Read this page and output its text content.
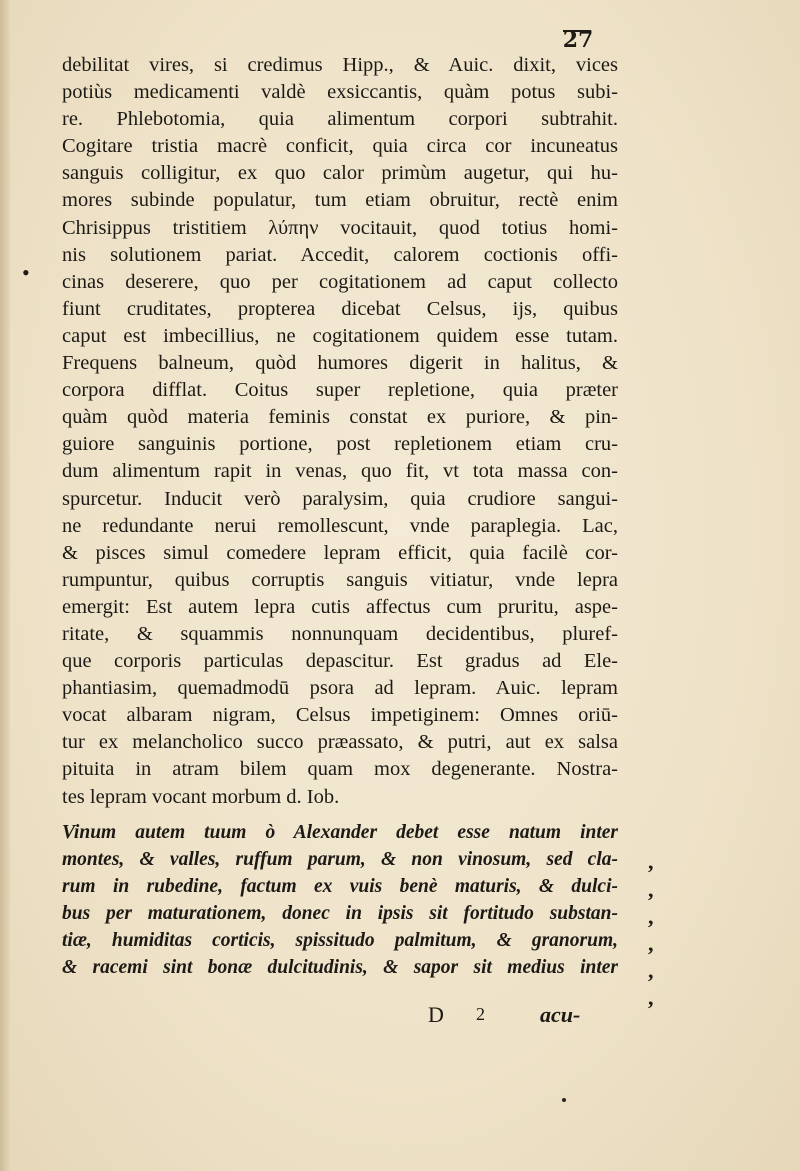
27
•
debilitat vires, si credimus Hipp., & Auic. dixit, vices
potiùs medicamenti valdè exsiccantis, quàm potus subi-
re. Phlebotomia, quia alimentum corpori subtrahit.
Cogitare tristia macrè conficit, quia circa cor incuneatus
sanguis colligitur, ex quo calor primùm augetur, qui hu-
mores subinde populatur, tum etiam obruitur, rectè enim
Chrisippus tristitiem λύπην vocitauit, quod totius homi-
nis solutionem pariat. Accedit, calorem coctionis offi-
cinas deserere, quo per cogitationem ad caput collecto
fiunt cruditates, propterea dicebat Celsus, ijs, quibus
caput est imbecillius, ne cogitationem quidem esse tutam.
Frequens balneum, quòd humores digerit in halitus, &
corpora difflat. Coitus super repletione, quia præter
quàm quòd materia feminis constat ex puriore, & pin-
guiore sanguinis portione, post repletionem etiam cru-
dum alimentum rapit in venas, quo fit, vt tota massa con-
spurcetur. Inducit verò paralysim, quia crudiore sangui-
ne redundante nerui remollescunt, vnde paraplegia. Lac,
& pisces simul comedere lepram efficit, quia facilè cor-
rumpuntur, quibus corruptis sanguis vitiatur, vnde lepra
emergit: Est autem lepra cutis affectus cum pruritu, aspe-
ritate, & squammis nonnunquam decidentibus, pluref-
que corporis particulas depascitur. Est gradus ad Ele-
phantiasim, quemadmodū psora ad lepram. Auic. lepram
vocat albaram nigram, Celsus impetiginem: Omnes oriū-
tur ex melancholico succo præassato, & putri, aut ex salsa
pituita in atram bilem quam mox degenerante. Nostra-
tes lepram vocant morbum d. Iob.
Vinum autem tuum ò Alexander debet esse natum inter
montes, & valles, ruffum parum, & non vinosum, sed cla-
rum in rubedine, factum ex vuis benè maturis, & dulci-
bus per maturationem, donec in ipsis sit fortitudo substan-
tiæ, humiditas corticis, spissitudo palmitum, & granorum,
& racemi sint bonæ dulcitudinis, & sapor sit medius inter
,
,
,
,
,
,
D 2	acu-
